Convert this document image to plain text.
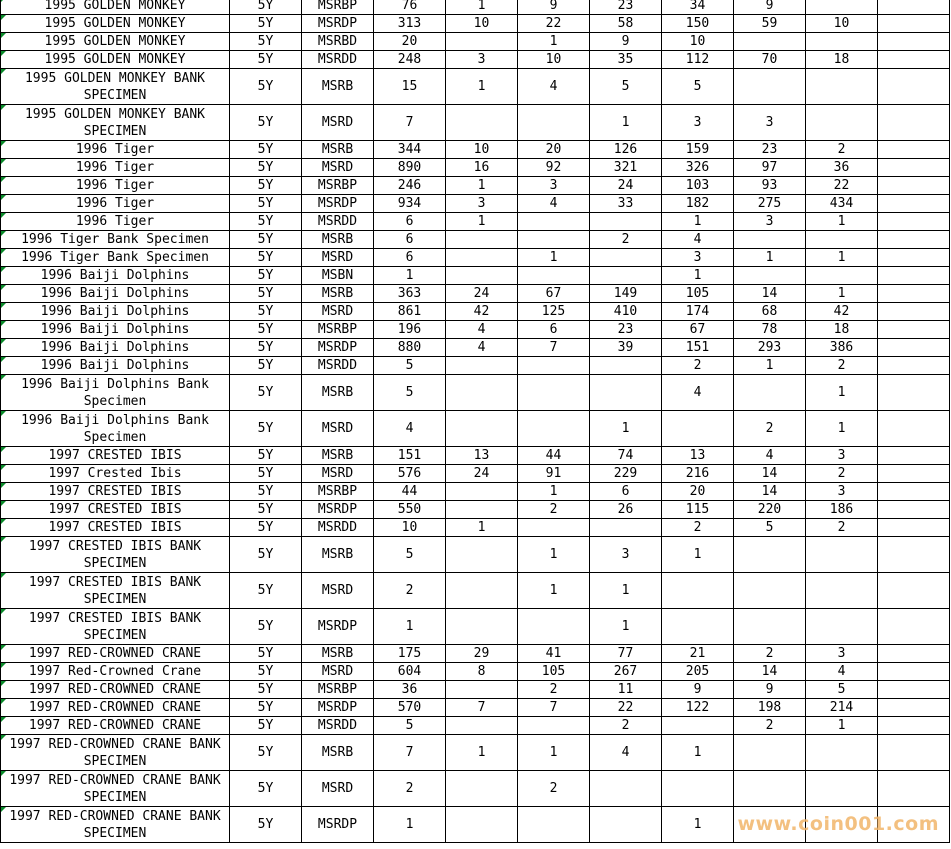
1995 GOLDEN MONKEY	5Y	MSRBP	76	1	9	23	34	9		
1995 GOLDEN MONKEY	5Y	MSRDP	313	10	22	58	150	59	10	
1995 GOLDEN MONKEY	5Y	MSRBD	20		1	9	10			
1995 GOLDEN MONKEY	5Y	MSRDD	248	3	10	35	112	70	18	
1995 GOLDEN MONKEY BANK SPECIMEN	5Y	MSRB	15	1	4	5	5			
1995 GOLDEN MONKEY BANK SPECIMEN	5Y	MSRD	7			1	3	3		
1996 Tiger	5Y	MSRB	344	10	20	126	159	23	2	
1996 Tiger	5Y	MSRD	890	16	92	321	326	97	36	
1996 Tiger	5Y	MSRBP	246	1	3	24	103	93	22	
1996 Tiger	5Y	MSRDP	934	3	4	33	182	275	434	
1996 Tiger	5Y	MSRDD	6	1			1	3	1	
1996 Tiger Bank Specimen	5Y	MSRB	6			2	4			
1996 Tiger Bank Specimen	5Y	MSRD	6		1		3	1	1	
1996 Baiji Dolphins	5Y	MSBN	1				1			
1996 Baiji Dolphins	5Y	MSRB	363	24	67	149	105	14	1	
1996 Baiji Dolphins	5Y	MSRD	861	42	125	410	174	68	42	
1996 Baiji Dolphins	5Y	MSRBP	196	4	6	23	67	78	18	
1996 Baiji Dolphins	5Y	MSRDP	880	4	7	39	151	293	386	
1996 Baiji Dolphins	5Y	MSRDD	5				2	1	2	
1996 Baiji Dolphins Bank Specimen	5Y	MSRB	5				4		1	
1996 Baiji Dolphins Bank Specimen	5Y	MSRD	4			1		2	1	
1997 CRESTED IBIS	5Y	MSRB	151	13	44	74	13	4	3	
1997 Crested Ibis	5Y	MSRD	576	24	91	229	216	14	2	
1997 CRESTED IBIS	5Y	MSRBP	44		1	6	20	14	3	
1997 CRESTED IBIS	5Y	MSRDP	550		2	26	115	220	186	
1997 CRESTED IBIS	5Y	MSRDD	10	1			2	5	2	
1997 CRESTED IBIS BANK SPECIMEN	5Y	MSRB	5		1	3	1			
1997 CRESTED IBIS BANK SPECIMEN	5Y	MSRD	2		1	1				
1997 CRESTED IBIS BANK SPECIMEN	5Y	MSRDP	1			1				
1997 RED-CROWNED CRANE	5Y	MSRB	175	29	41	77	21	2	3	
1997 Red-Crowned Crane	5Y	MSRD	604	8	105	267	205	14	4	
1997 RED-CROWNED CRANE	5Y	MSRBP	36		2	11	9	9	5	
1997 RED-CROWNED CRANE	5Y	MSRDP	570	7	7	22	122	198	214	
1997 RED-CROWNED CRANE	5Y	MSRDD	5			2		2	1	
1997 RED-CROWNED CRANE BANK SPECIMEN	5Y	MSRB	7	1	1	4	1			
1997 RED-CROWNED CRANE BANK SPECIMEN	5Y	MSRD	2		2					
1997 RED-CROWNED CRANE BANK SPECIMEN	5Y	MSRDP	1				1			www.coin001.com
